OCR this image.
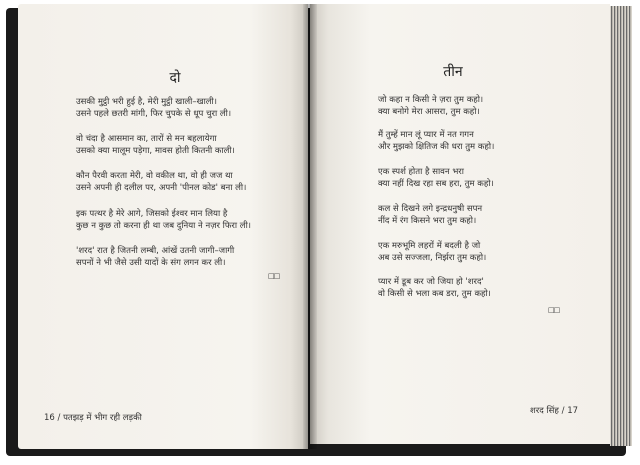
दो
उसकी मुट्ठी भरी हुई है, मेरी मुट्ठी खाली–खाली।
उसने पहले छतरी मांगी, फिर चुपके से धूप चुरा ली।
वो चंदा है आसमान का, तारों से मन बहलायेगा
उसको क्या मालूम पड़ेगा, मावस होती कितनी काली।
कौन पैरवी करता मेरी, वो वकील था, वो ही जज था
उसने अपनी ही दलील पर, अपनी 'पीनल कोड' बना ली।
इक पत्थर है मेरे आगे, जिसको ईश्वर मान लिया है
कुछ न कुछ तो करना ही था जब दुनिया ने नज़र फिरा ली।
'शरद' रात है जितनी लम्बी, आंखें उतनी जागी–जागी
सपनों ने भी जैसे उसी यादों के संग लगन कर ली।
□□
16 / पतझड़ में भीग रही लड़की
तीन
जो कहा न किसी ने ज़रा तुम कहो।
क्या बनोगे मेरा आसरा, तुम कहो।
मैं तुम्हें मान लूं प्यार में नत गगन
और मुझको क्षितिज की धरा तुम कहो।
एक स्पर्श होता है सावन भरा
क्या नहीं दिख रहा सब हरा, तुम कहो।
कल से दिखने लगे इन्द्रधनुषी सपन
नींद में रंग किसने भरा तुम कहो।
एक मरुभूमि लहरों में बदली है जो
अब उसे सज्जला, निर्झरा तुम कहो।
प्यार में डूब कर जो जिया हो 'शरद'
वो किसी से भला कब डरा, तुम कहो।
□□
शरद सिंह / 17
